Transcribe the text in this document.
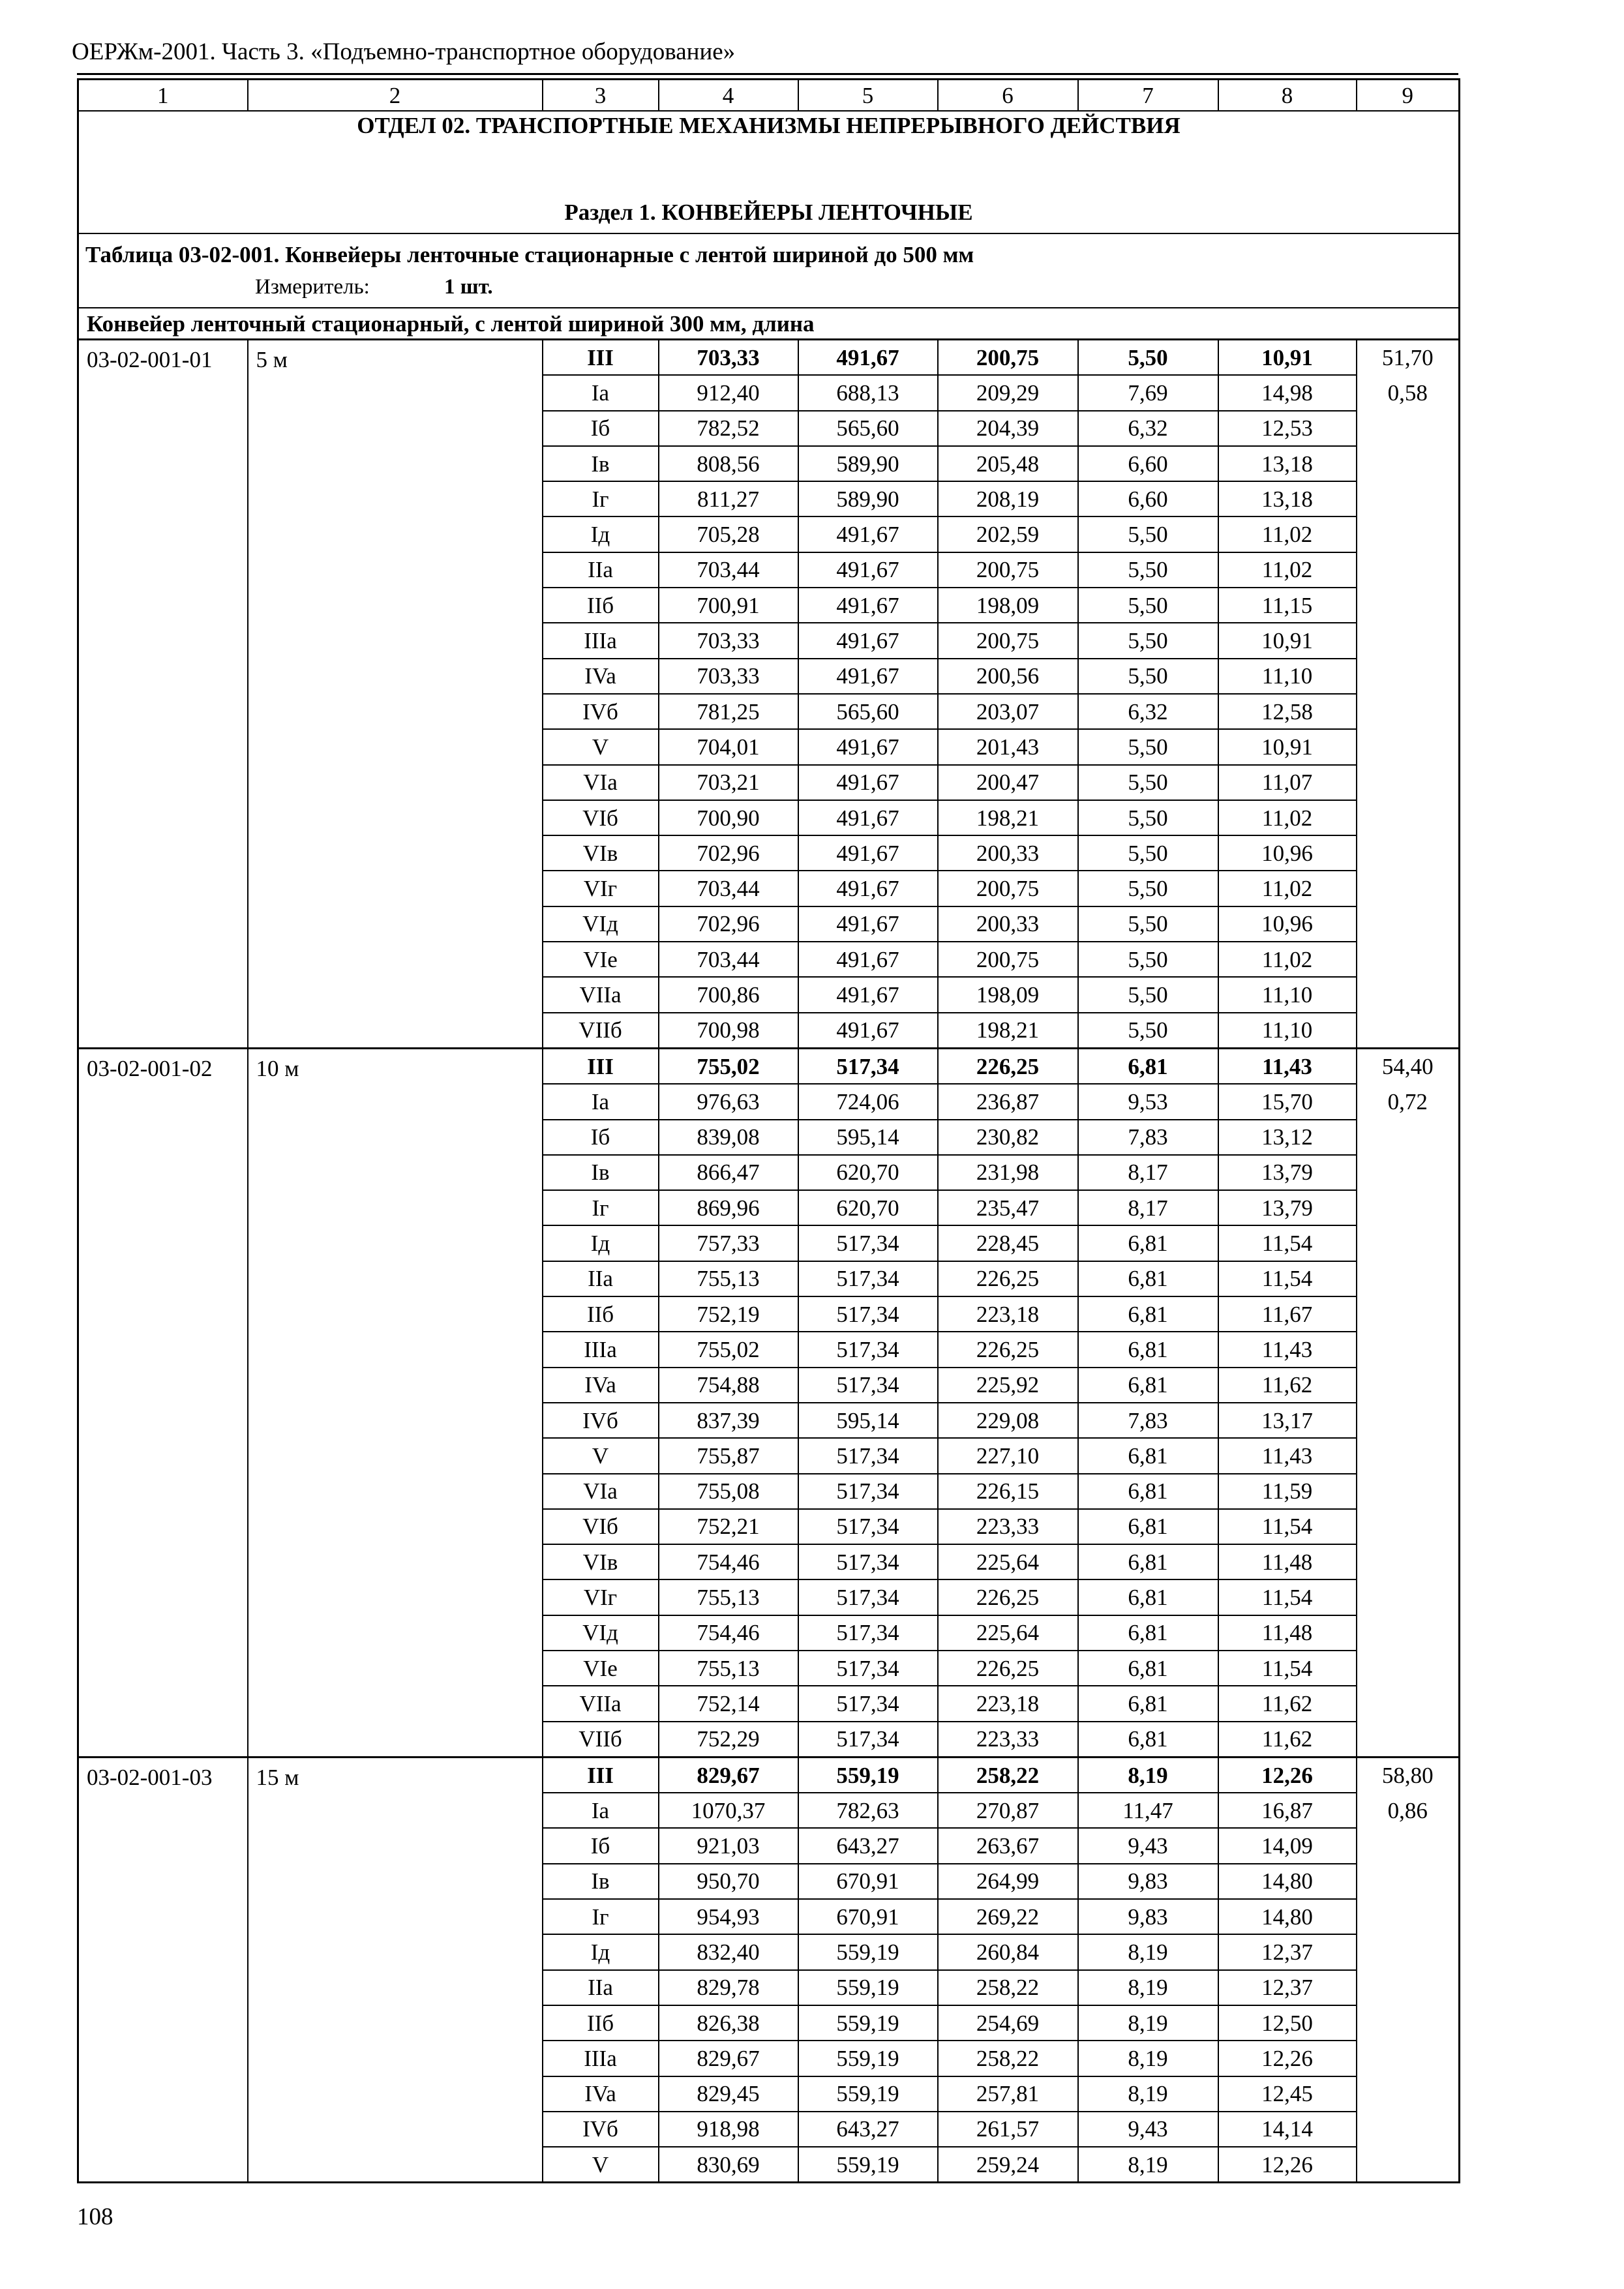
ОЕРЖм-2001. Часть 3. «Подъемно-транспортное оборудование»
1	2	3	4	5	6	7	8	9
ОТДЕЛ 02. ТРАНСПОРТНЫЕ МЕХАНИЗМЫ НЕПРЕРЫВНОГО ДЕЙСТВИЯ								
Раздел 1. КОНВЕЙЕРЫ ЛЕНТОЧНЫЕ								
Таблица 03-02-001. Конвейеры ленточные стационарные с лентой шириной до 500 мм								
Измеритель: 1 шт.								
Конвейер ленточный стационарный, с лентой шириной 300 мм, длина								
03-02-001-01	5 м	III	703,33	491,67	200,75	5,50	10,91	51,70
		Ia	912,40	688,13	209,29	7,69	14,98	0,58
		Iб	782,52	565,60	204,39	6,32	12,53	
		Iв	808,56	589,90	205,48	6,60	13,18	
		Iг	811,27	589,90	208,19	6,60	13,18	
		Iд	705,28	491,67	202,59	5,50	11,02	
		IIa	703,44	491,67	200,75	5,50	11,02	
		IIб	700,91	491,67	198,09	5,50	11,15	
		IIIa	703,33	491,67	200,75	5,50	10,91	
		IVa	703,33	491,67	200,56	5,50	11,10	
		IVб	781,25	565,60	203,07	6,32	12,58	
		V	704,01	491,67	201,43	5,50	10,91	
		VIa	703,21	491,67	200,47	5,50	11,07	
		VIб	700,90	491,67	198,21	5,50	11,02	
		VIв	702,96	491,67	200,33	5,50	10,96	
		VIг	703,44	491,67	200,75	5,50	11,02	
		VIд	702,96	491,67	200,33	5,50	10,96	
		VIe	703,44	491,67	200,75	5,50	11,02	
		VIIa	700,86	491,67	198,09	5,50	11,10	
		VIIб	700,98	491,67	198,21	5,50	11,10	
03-02-001-02	10 м	III	755,02	517,34	226,25	6,81	11,43	54,40
		Ia	976,63	724,06	236,87	9,53	15,70	0,72
		Iб	839,08	595,14	230,82	7,83	13,12	
		Iв	866,47	620,70	231,98	8,17	13,79	
		Iг	869,96	620,70	235,47	8,17	13,79	
		Iд	757,33	517,34	228,45	6,81	11,54	
		IIa	755,13	517,34	226,25	6,81	11,54	
		IIб	752,19	517,34	223,18	6,81	11,67	
		IIIa	755,02	517,34	226,25	6,81	11,43	
		IVa	754,88	517,34	225,92	6,81	11,62	
		IVб	837,39	595,14	229,08	7,83	13,17	
		V	755,87	517,34	227,10	6,81	11,43	
		VIa	755,08	517,34	226,15	6,81	11,59	
		VIб	752,21	517,34	223,33	6,81	11,54	
		VIв	754,46	517,34	225,64	6,81	11,48	
		VIг	755,13	517,34	226,25	6,81	11,54	
		VIд	754,46	517,34	225,64	6,81	11,48	
		VIe	755,13	517,34	226,25	6,81	11,54	
		VIIa	752,14	517,34	223,18	6,81	11,62	
		VIIб	752,29	517,34	223,33	6,81	11,62	
03-02-001-03	15 м	III	829,67	559,19	258,22	8,19	12,26	58,80
		Ia	1070,37	782,63	270,87	11,47	16,87	0,86
		Iб	921,03	643,27	263,67	9,43	14,09	
		Iв	950,70	670,91	264,99	9,83	14,80	
		Iг	954,93	670,91	269,22	9,83	14,80	
		Iд	832,40	559,19	260,84	8,19	12,37	
		IIa	829,78	559,19	258,22	8,19	12,37	
		IIб	826,38	559,19	254,69	8,19	12,50	
		IIIa	829,67	559,19	258,22	8,19	12,26	
		IVa	829,45	559,19	257,81	8,19	12,45	
		IVб	918,98	643,27	261,57	9,43	14,14	
		V	830,69	559,19	259,24	8,19	12,26	
108
